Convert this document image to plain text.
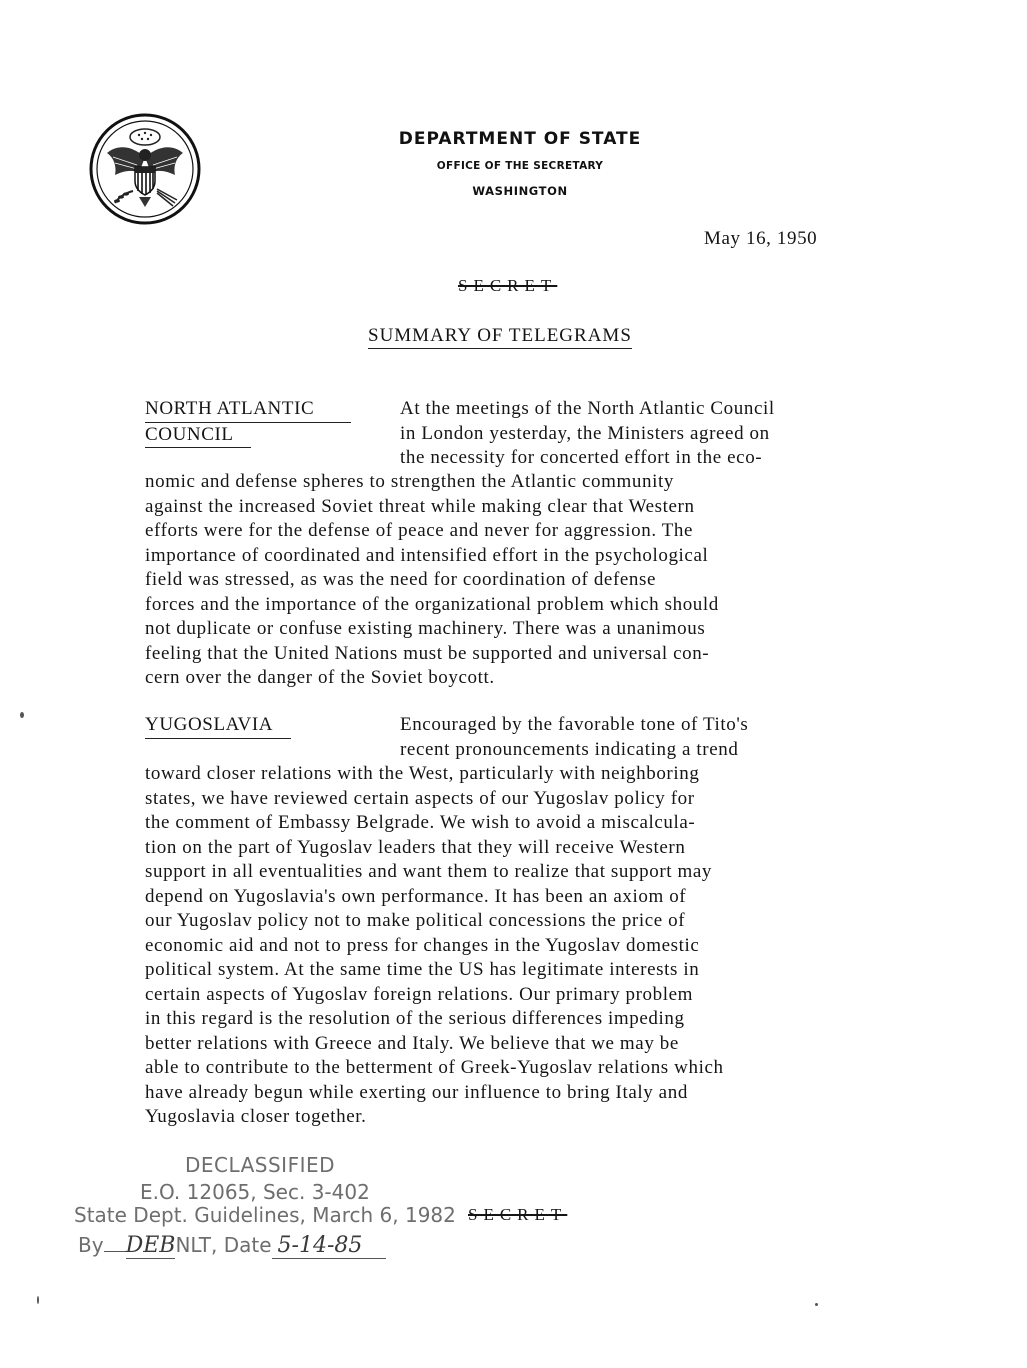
DEPARTMENT OF STATE
OFFICE OF THE SECRETARY
WASHINGTON
May 16, 1950
SECRET
SUMMARY OF TELEGRAMS
NORTH ATLANTIC
COUNCIL
At the meetings of the North Atlantic Council
in London yesterday, the Ministers agreed on
the necessity for concerted effort in the eco-
nomic and defense spheres to strengthen the Atlantic community
against the increased Soviet threat while making clear that Western
efforts were for the defense of peace and never for aggression. The
importance of coordinated and intensified effort in the psychological
field was stressed, as was the need for coordination of defense
forces and the importance of the organizational problem which should
not duplicate or confuse existing machinery. There was a unanimous
feeling that the United Nations must be supported and universal con-
cern over the danger of the Soviet boycott.
YUGOSLAVIA	Encouraged by the favorable tone of Tito's
recent pronouncements indicating a trend
toward closer relations with the West, particularly with neighboring
states, we have reviewed certain aspects of our Yugoslav policy for
the comment of Embassy Belgrade. We wish to avoid a miscalcula-
tion on the part of Yugoslav leaders that they will receive Western
support in all eventualities and want them to realize that support may
depend on Yugoslavia's own performance. It has been an axiom of
our Yugoslav policy not to make political concessions the price of
economic aid and not to press for changes in the Yugoslav domestic
political system. At the same time the US has legitimate interests in
certain aspects of Yugoslav foreign relations. Our primary problem
in this regard is the resolution of the serious differences impeding
better relations with Greece and Italy. We believe that we may be
able to contribute to the betterment of Greek-Yugoslav relations which
have already begun while exerting our influence to bring Italy and
Yugoslavia closer together.
DECLASSIFIED
E.O. 12065, Sec. 3-402
State Dept. Guidelines, March 6, 1982
By DEBNLT, Date 5-14-85
SECRET
